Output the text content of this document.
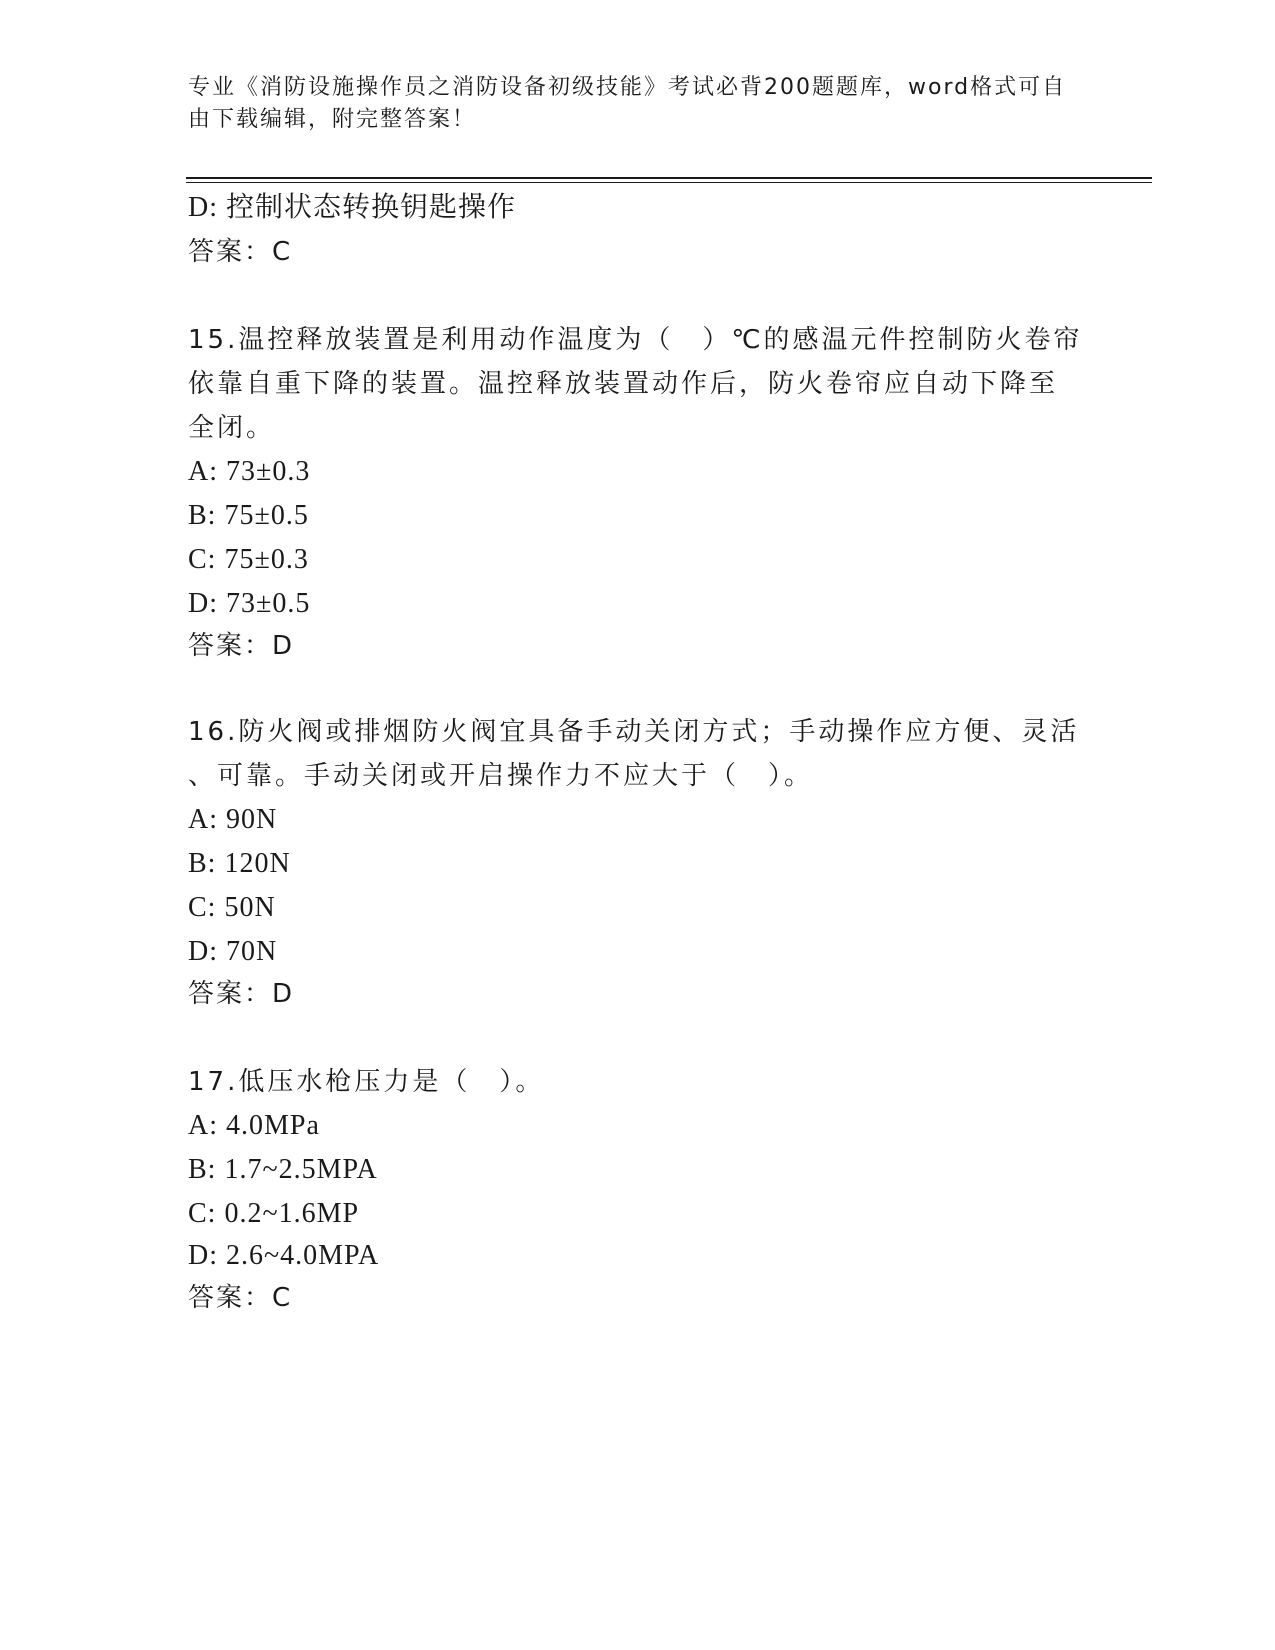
专业《消防设施操作员之消防设备初级技能》考试必背200题题库，word格式可自由下载编辑，附完整答案！
D: 控制状态转换钥匙操作
答案：C
15.温控释放装置是利用动作温度为（　）℃的感温元件控制防火卷帘
依靠自重下降的装置。温控释放装置动作后，防火卷帘应自动下降至
全闭。
A: 73±0.3
B: 75±0.5
C: 75±0.3
D: 73±0.5
答案：D
16.防火阀或排烟防火阀宜具备手动关闭方式；手动操作应方便、灵活
、可靠。手动关闭或开启操作力不应大于（　）。
A: 90N
B: 120N
C: 50N
D: 70N
答案：D
17.低压水枪压力是（　）。
A: 4.0MPa
B: 1.7~2.5MPA
C: 0.2~1.6MP
D: 2.6~4.0MPA
答案：C
